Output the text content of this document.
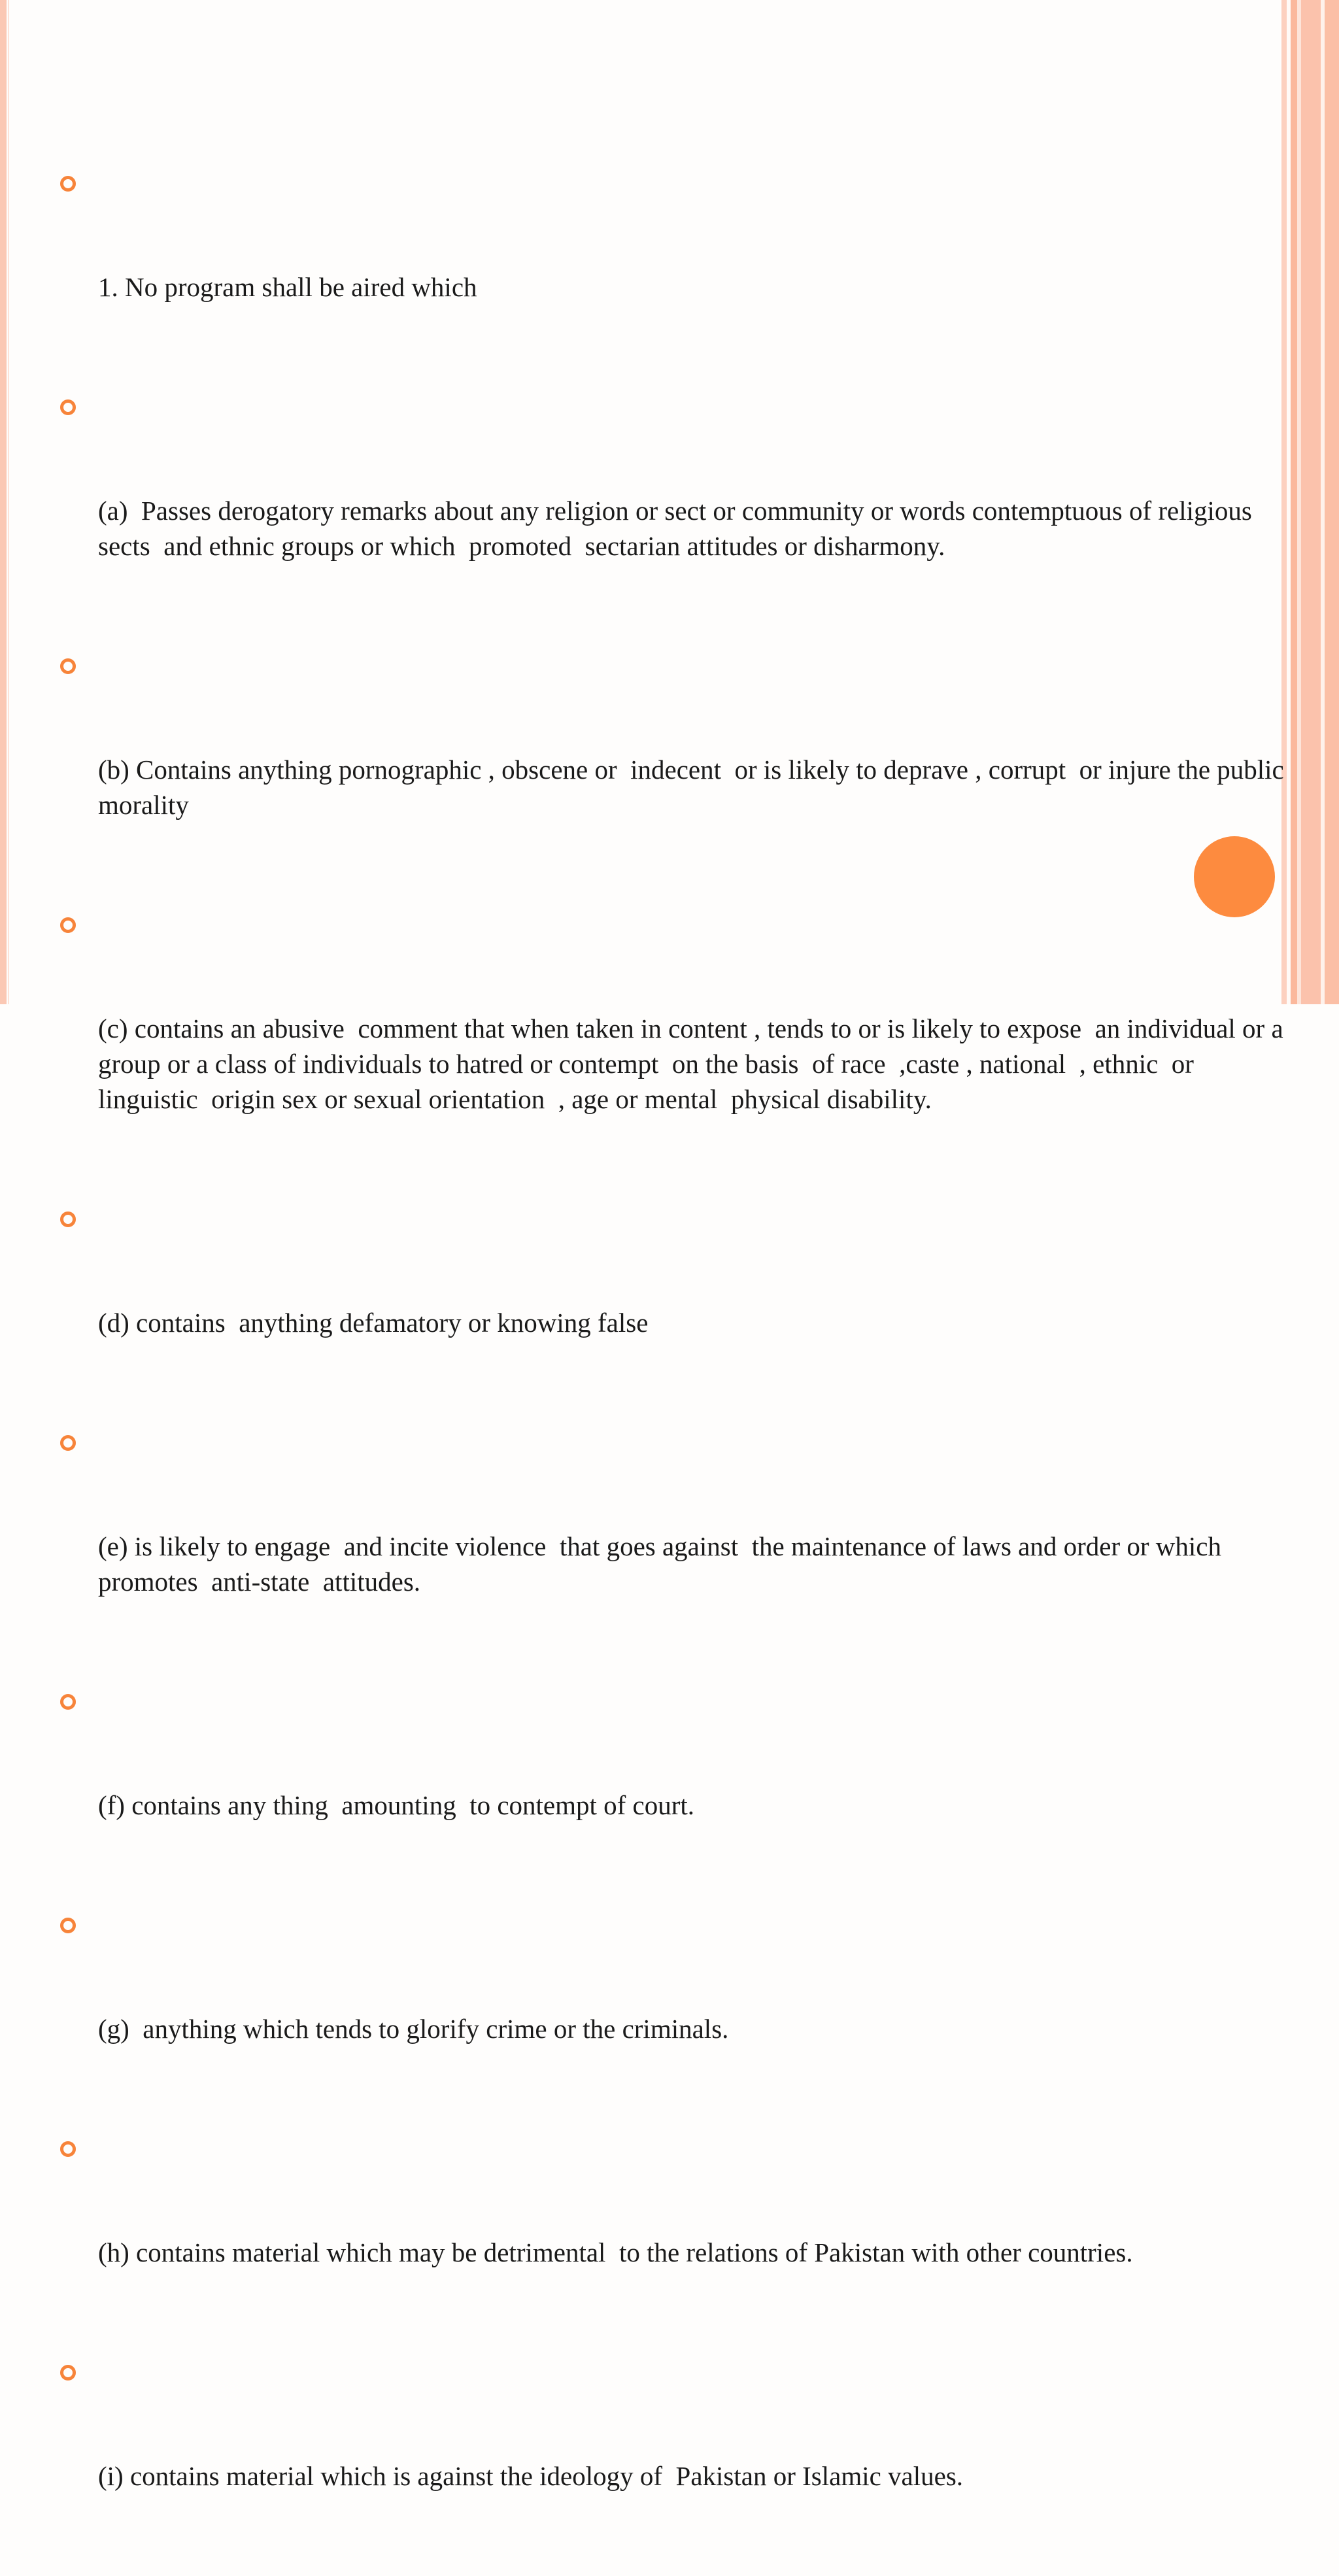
1. No program shall be aired which

(a)  Passes derogatory remarks about any religion or sect or community or words contemptuous of religious sects  and ethnic groups or which  promoted  sectarian attitudes or disharmony.

(b) Contains anything pornographic , obscene or  indecent  or is likely to deprave , corrupt  or injure the public morality

(c) contains an abusive  comment that when taken in content , tends to or is likely to expose  an individual or a group or a class of individuals to hatred or contempt  on the basis  of race  ,caste , national  , ethnic  or  linguistic  origin sex or sexual orientation  , age or mental  physical disability.

(d) contains  anything defamatory or knowing false

(e) is likely to engage  and incite violence  that goes against  the maintenance of laws and order or which promotes  anti-state  attitudes.

(f) contains any thing  amounting  to contempt of court.

(g)  anything which tends to glorify crime or the criminals.

(h) contains material which may be detrimental  to the relations of Pakistan with other countries.

(i) contains material which is against the ideology of  Pakistan or Islamic values.
